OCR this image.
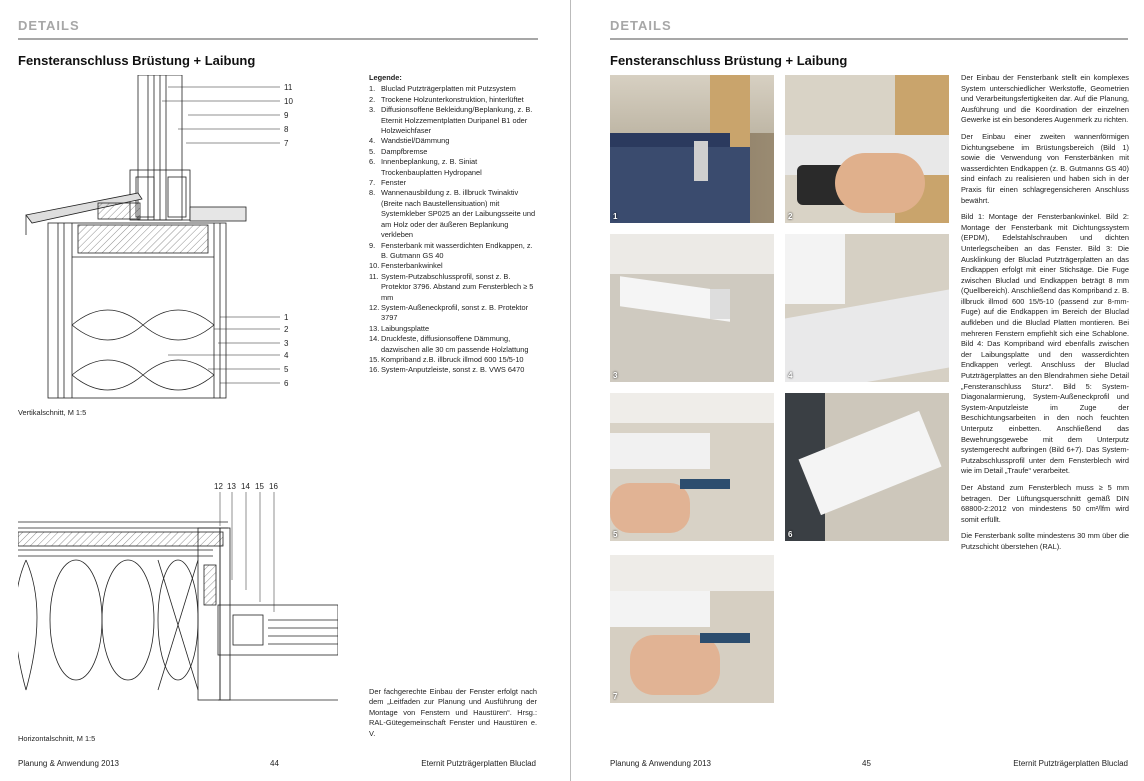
DETAILS
Fensteranschluss Brüstung + Laibung
11
10
9
8
7
1
2
3
4
5
6
Vertikalschnitt, M 1:5
12 13 14 15 16
Horizontalschnitt, M 1:5
Legende:
1. Bluclad Putzträgerplatten mit Putzsystem
2. Trockene Holzunterkonstruktion, hinterlüftet
3. Diffusionsoffene Bekleidung/Beplankung, z. B. Eternit Holzzementplatten Duripanel B1 oder Holzweichfaser
4. Wandstiel/Dämmung
5. Dampfbremse
6. Innenbeplankung, z. B. Siniat Trockenbauplatten Hydropanel
7. Fenster
8. Wannenausbildung z. B. illbruck Twinaktiv (Breite nach Baustellensituation) mit Systemkleber SP025 an der Laibungsseite und am Holz oder der äußeren Beplankung verkleben
9. Fensterbank mit wasserdichten Endkappen, z. B. Gutmann GS 40
10. Fensterbankwinkel
11. System-Putzabschlussprofil, sonst z. B. Protektor 3796. Abstand zum Fensterblech ≥ 5 mm
12. System-Außeneckprofil, sonst z. B. Protektor 3797
13. Laibungsplatte
14. Druckfeste, diffusionsoffene Dämmung, dazwischen alle 30 cm passende Holzlattung
15. Kompriband z.B. illbruck illmod 600 15/5-10
16. System-Anputzleiste, sonst z. B. VWS 6470
Der fachgerechte Einbau der Fenster erfolgt nach dem „Leitfaden zur Planung und Ausführung der Montage von Fenstern und Haustüren“. Hrsg.: RAL-Gütegemeinschaft Fenster und Haustüren e. V.
Planung & Anwendung 2013	44	Eternit Putzträgerplatten Bluclad
DETAILS
Fensteranschluss Brüstung + Laibung
1	2
3	4
5	6
7

Der Einbau der Fensterbank stellt ein komplexes System unterschiedlicher Werkstoffe, Geometrien und Verarbeitungsfertigkeiten dar. Auf die Planung, Ausführung und die Koordination der einzelnen Gewerke ist ein besonderes Augenmerk zu richten.

Der Einbau einer zweiten wannenförmigen Dichtungsebene im Brüstungsbereich (Bild 1) sowie die Verwendung von Fensterbänken mit wasserdichten Endkappen (z. B. Gutmanns GS 40) sind einfach zu realisieren und haben sich in der Praxis für einen schlagregensicheren Anschluss bewährt.

Bild 1: Montage der Fensterbankwinkel. Bild 2: Montage der Fensterbank mit Dichtungssystem (EPDM), Edelstahlschrauben und dichten Unterlegscheiben an das Fenster. Bild 3: Die Ausklinkung der Bluclad Putzträgerplatten an das Endkappen erfolgt mit einer Stichsäge. Die Fuge zwischen Bluclad und Endkappen beträgt 8 mm (Quellbereich). Anschließend das Kompriband z. B. illbruck illmod 600 15/5-10 (passend zur 8-mm-Fuge) auf die Endkappen im Bereich der Bluclad aufkleben und die Bluclad Platten montieren. Bei mehreren Fenstern empfiehlt sich eine Schablone. Bild 4: Das Kompriband wird ebenfalls zwischen der Laibungsplatte und den wasserdichten Endkappen verlegt. Anschluss der Bluclad Putzträgerplattes an den Blendrahmen siehe Detail „Fensteranschluss Sturz“. Bild 5: System-Diagonalarmierung, System-Außeneckprofil und System-Anputzleiste im Zuge der Beschichtungsarbeiten in den noch feuchten Unterputz einbetten. Anschließend das Bewehrungsgewebe mit dem Unterputz systemgerecht aufbringen (Bild 6+7). Das System-Putzabschlussprofil unter dem Fensterblech wird wie im Detail „Traufe“ verarbeitet.

Der Abstand zum Fensterblech muss ≥ 5 mm betragen. Der Lüftungsquerschnitt gemäß DIN 68800-2:2012 von mindestens 50 cm²/lfm wird somit erfüllt.

Die Fensterbank sollte mindestens 30 mm über die Putzschicht überstehen (RAL).

Planung & Anwendung 2013	45	Eternit Putzträgerplatten Bluclad
